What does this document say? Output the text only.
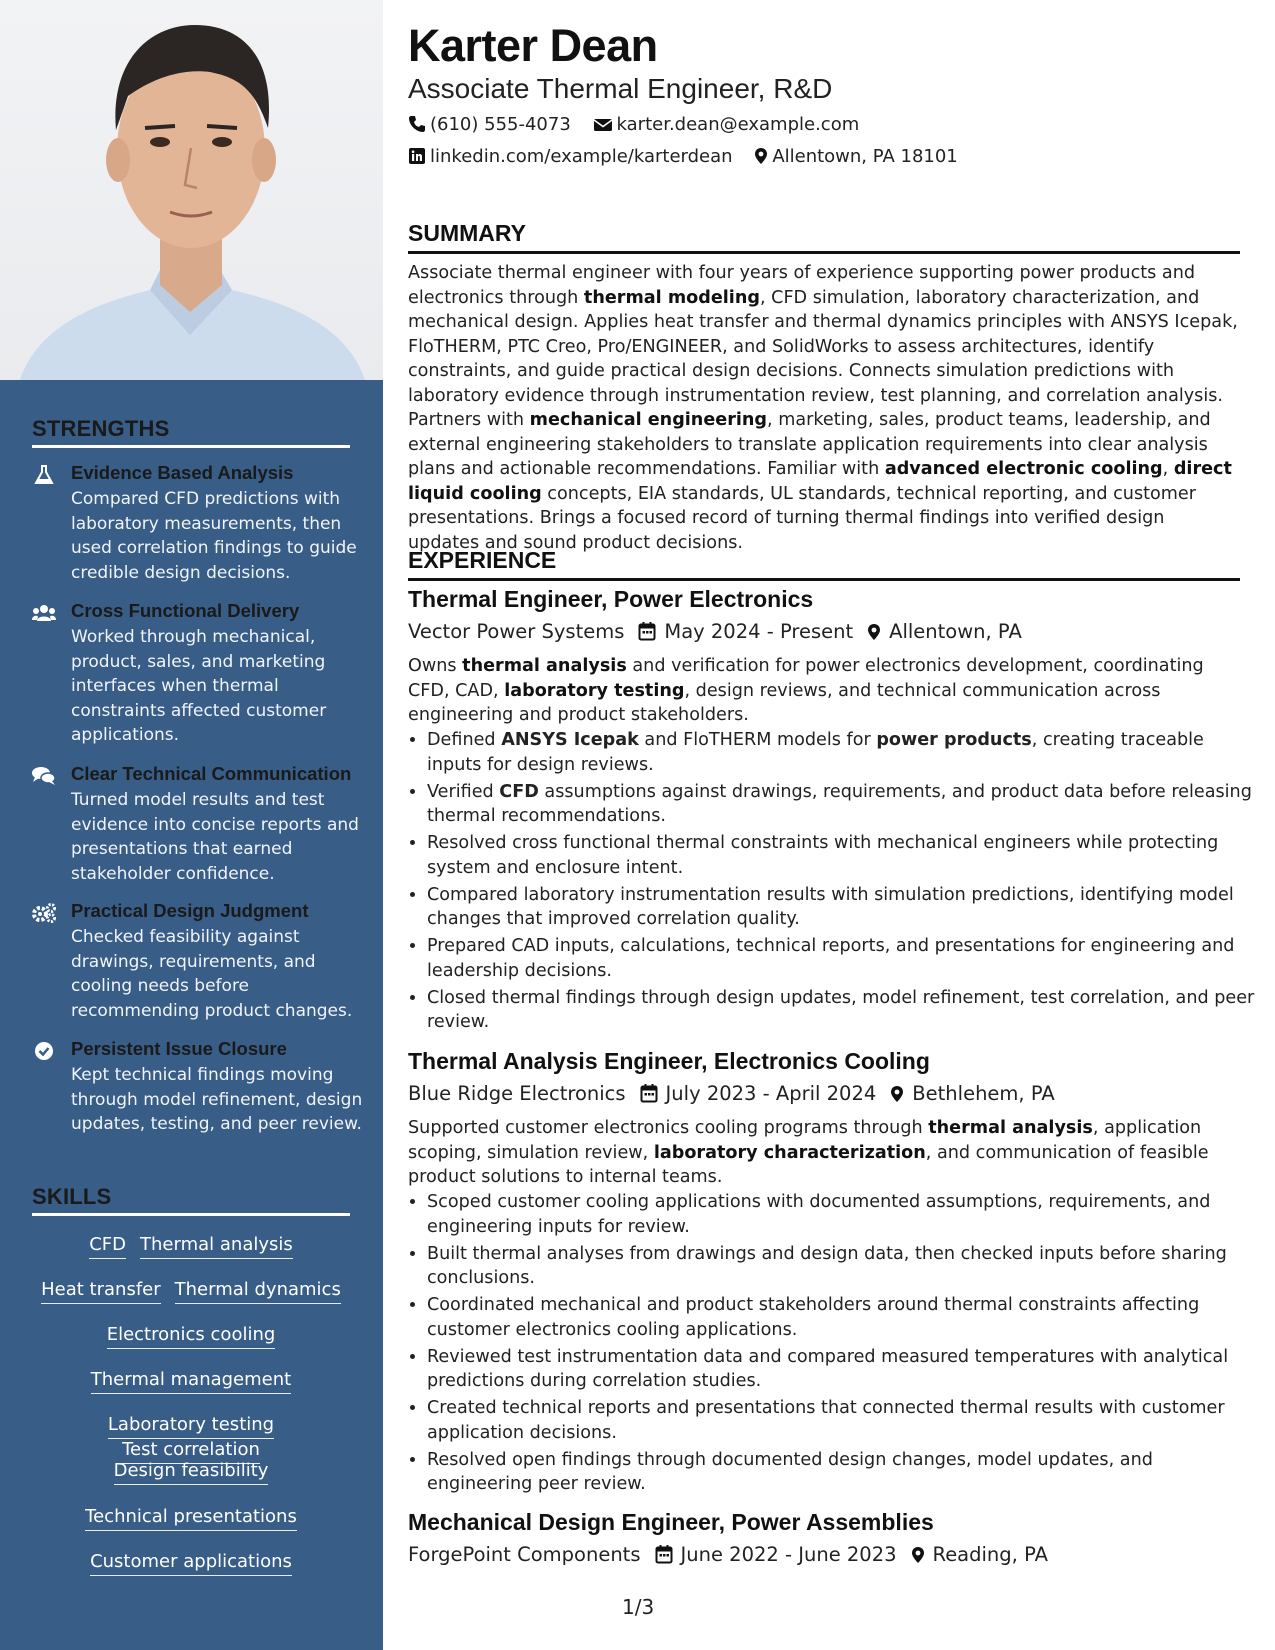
STRENGTHS
Evidence Based Analysis
Compared CFD predictions with laboratory measurements, then used correlation findings to guide credible design decisions.
Cross Functional Delivery
Worked through mechanical, product, sales, and marketing interfaces when thermal constraints affected customer applications.
Clear Technical Communication
Turned model results and test evidence into concise reports and presentations that earned stakeholder confidence.
Practical Design Judgment
Checked feasibility against drawings, requirements, and cooling needs before recommending product changes.
Persistent Issue Closure
Kept technical findings moving through model refinement, design updates, testing, and peer review.
SKILLS
CFD Thermal analysis
Heat transfer Thermal dynamics
Electronics cooling
Thermal management
Laboratory testingTest correlation
Design feasibility
Technical presentations
Customer applications
Karter Dean
Associate Thermal Engineer, R&D
(610) 555-4073	karter.dean@example.com
linkedin.com/example/karterdean Allentown, PA 18101
SUMMARY
Associate thermal engineer with four years of experience supporting power products and electronics through thermal modeling, CFD simulation, laboratory characterization, and mechanical design. Applies heat transfer and thermal dynamics principles with ANSYS Icepak, FloTHERM, PTC Creo, Pro/ENGINEER, and SolidWorks to assess architectures, identify constraints, and guide practical design decisions. Connects simulation predictions with laboratory evidence through instrumentation review, test planning, and correlation analysis. Partners with mechanical engineering, marketing, sales, product teams, leadership, and external engineering stakeholders to translate application requirements into clear analysis plans and actionable recommendations. Familiar with advanced electronic cooling, direct liquid cooling concepts, EIA standards, UL standards, technical reporting, and customer presentations. Brings a focused record of turning thermal findings into verified design updates and sound product decisions.
EXPERIENCE
Thermal Engineer, Power Electronics
Vector Power Systems May 2024 - Present Allentown, PA
Owns thermal analysis and verification for power electronics development, coordinating CFD, CAD, laboratory testing, design reviews, and technical communication across engineering and product stakeholders.
• Defined ANSYS Icepak and FloTHERM models for power products, creating traceable inputs for design reviews.
• Verified CFD assumptions against drawings, requirements, and product data before releasing thermal recommendations.
• Resolved cross functional thermal constraints with mechanical engineers while protecting system and enclosure intent.
• Compared laboratory instrumentation results with simulation predictions, identifying model changes that improved correlation quality.
• Prepared CAD inputs, calculations, technical reports, and presentations for engineering and leadership decisions.
• Closed thermal findings through design updates, model refinement, test correlation, and peer review.
Thermal Analysis Engineer, Electronics Cooling
Blue Ridge Electronics July 2023 - April 2024 Bethlehem, PA
Supported customer electronics cooling programs through thermal analysis, application scoping, simulation review, laboratory characterization, and communication of feasible product solutions to internal teams.
• Scoped customer cooling applications with documented assumptions, requirements, and engineering inputs for review.
• Built thermal analyses from drawings and design data, then checked inputs before sharing conclusions.
• Coordinated mechanical and product stakeholders around thermal constraints affecting customer electronics cooling applications.
• Reviewed test instrumentation data and compared measured temperatures with analytical predictions during correlation studies.
• Created technical reports and presentations that connected thermal results with customer application decisions.
• Resolved open findings through documented design changes, model updates, and engineering peer review.
Mechanical Design Engineer, Power Assemblies
ForgePoint Components June 2022 - June 2023 Reading, PA
1/3
